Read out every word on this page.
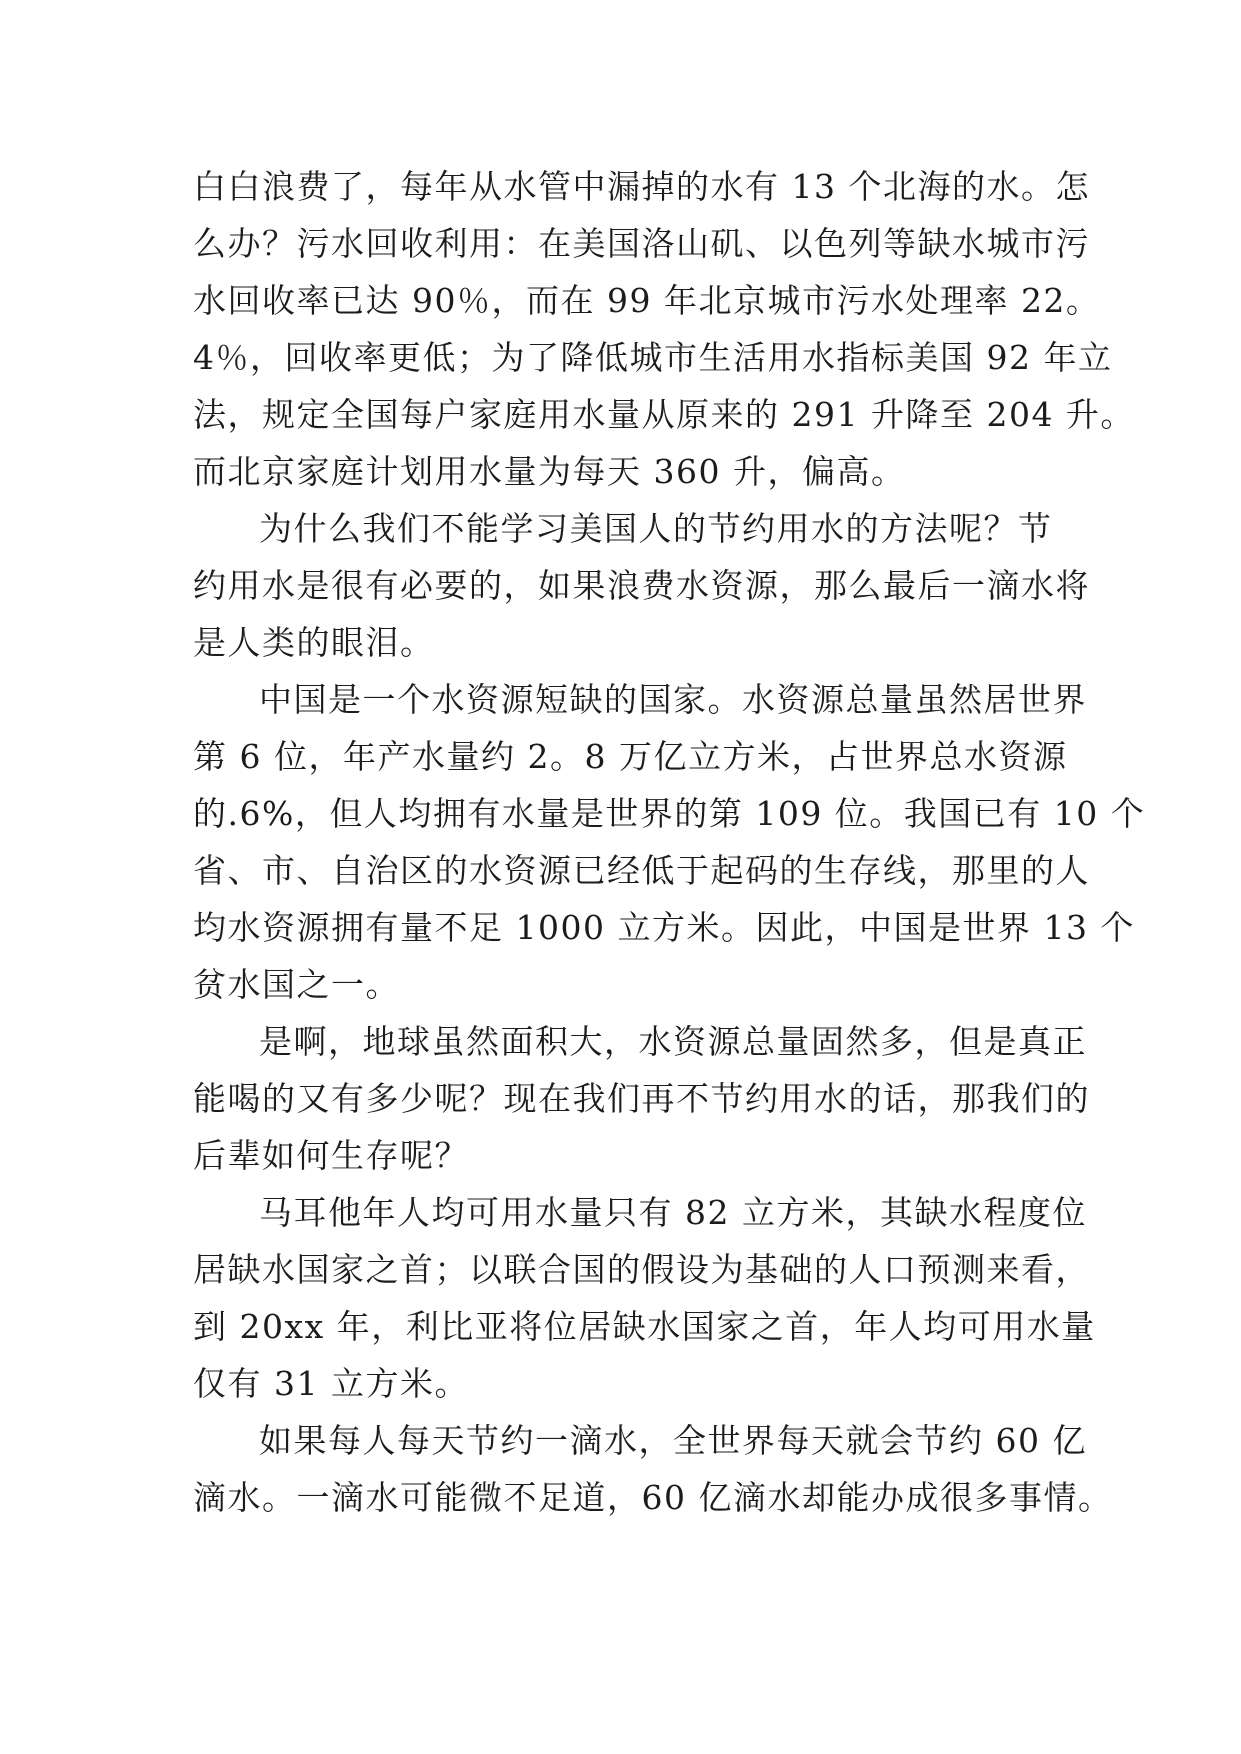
白白浪费了，每年从水管中漏掉的水有 13 个北海的水。怎
么办？污水回收利用：在美国洛山矶、以色列等缺水城市污
水回收率已达 90％，而在 99 年北京城市污水处理率 22。
4％，回收率更低；为了降低城市生活用水指标美国 92 年立
法，规定全国每户家庭用水量从原来的 291 升降至 204 升。
而北京家庭计划用水量为每天 360 升，偏高。
为什么我们不能学习美国人的节约用水的方法呢？节
约用水是很有必要的，如果浪费水资源，那么最后一滴水将
是人类的眼泪。
中国是一个水资源短缺的国家。水资源总量虽然居世界
第 6 位，年产水量约 2。8 万亿立方米，占世界总水资源
的.6%，但人均拥有水量是世界的第 109 位。我国已有 10 个
省、市、自治区的水资源已经低于起码的生存线，那里的人
均水资源拥有量不足 1000 立方米。因此，中国是世界 13 个
贫水国之一。
是啊，地球虽然面积大，水资源总量固然多，但是真正
能喝的又有多少呢？现在我们再不节约用水的话，那我们的
后辈如何生存呢？
马耳他年人均可用水量只有 82 立方米，其缺水程度位
居缺水国家之首；以联合国的假设为基础的人口预测来看，
到 20xx 年，利比亚将位居缺水国家之首，年人均可用水量
仅有 31 立方米。
如果每人每天节约一滴水，全世界每天就会节约 60 亿
滴水。一滴水可能微不足道，60 亿滴水却能办成很多事情。
